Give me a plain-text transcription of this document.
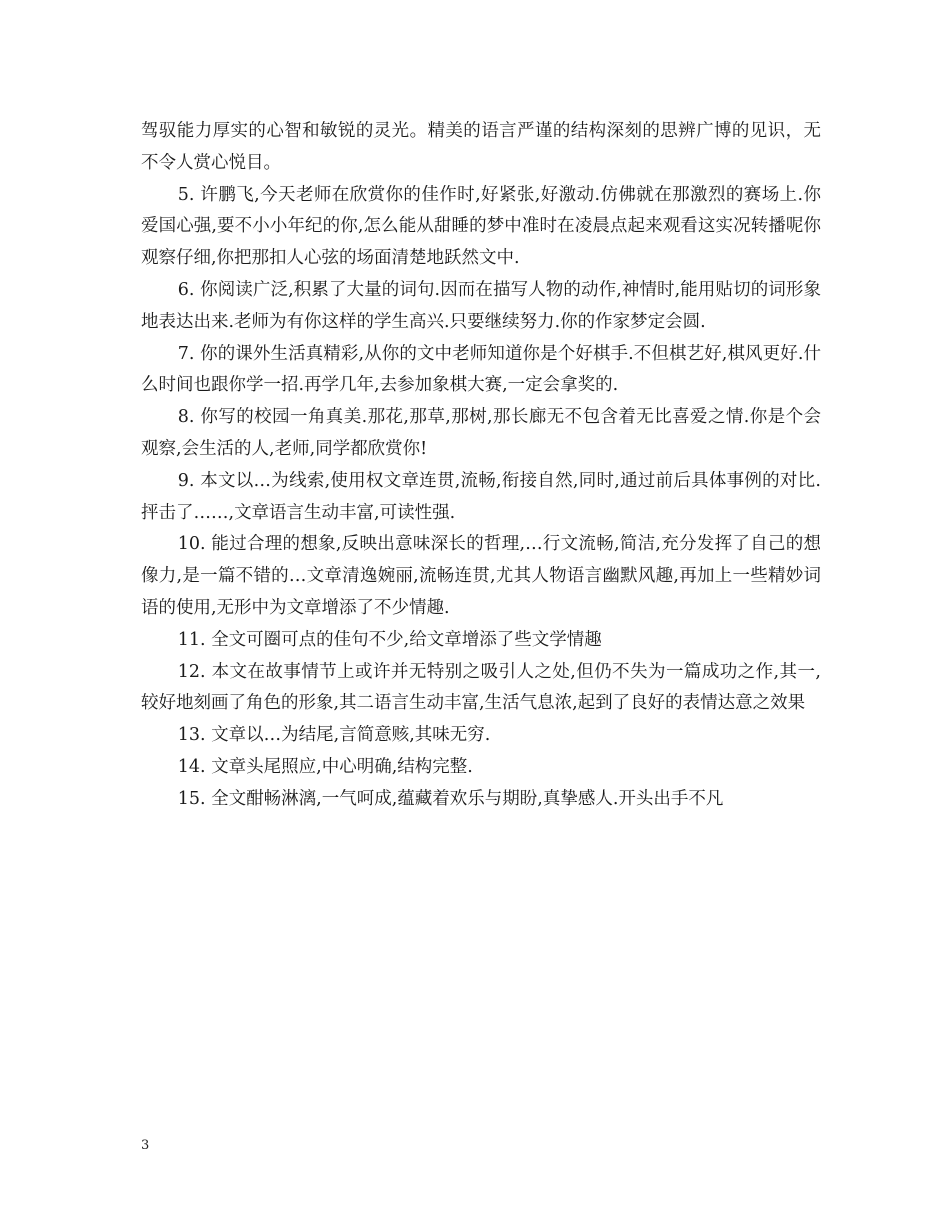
驾驭能力厚实的心智和敏锐的灵光。精美的语言严谨的结构深刻的思辨广博的见识，无不令人赏心悦目。

5. 许鹏飞,今天老师在欣赏你的佳作时,好紧张,好激动.仿佛就在那激烈的赛场上.你爱国心强,要不小小年纪的你,怎么能从甜睡的梦中准时在凌晨点起来观看这实况转播呢你观察仔细,你把那扣人心弦的场面清楚地跃然文中.

6. 你阅读广泛,积累了大量的词句.因而在描写人物的动作,神情时,能用贴切的词形象地表达出来.老师为有你这样的学生高兴.只要继续努力.你的作家梦定会圆.

7. 你的课外生活真精彩,从你的文中老师知道你是个好棋手.不但棋艺好,棋风更好.什么时间也跟你学一招.再学几年,去参加象棋大赛,一定会拿奖的.

8. 你写的校园一角真美.那花,那草,那树,那长廊无不包含着无比喜爱之情.你是个会观察,会生活的人,老师,同学都欣赏你!

9. 本文以…为线索,使用权文章连贯,流畅,衔接自然,同时,通过前后具体事例的对比.抨击了……,文章语言生动丰富,可读性强.

10. 能过合理的想象,反映出意味深长的哲理,…行文流畅,简洁,充分发挥了自己的想像力,是一篇不错的…文章清逸婉丽,流畅连贯,尤其人物语言幽默风趣,再加上一些精妙词语的使用,无形中为文章增添了不少情趣.

11. 全文可圈可点的佳句不少,给文章增添了些文学情趣

12. 本文在故事情节上或许并无特别之吸引人之处,但仍不失为一篇成功之作,其一,较好地刻画了角色的形象,其二语言生动丰富,生活气息浓,起到了良好的表情达意之效果

13. 文章以…为结尾,言简意赅,其味无穷.

14. 文章头尾照应,中心明确,结构完整.

15. 全文酣畅淋漓,一气呵成,蕴藏着欢乐与期盼,真挚感人.开头出手不凡

3
